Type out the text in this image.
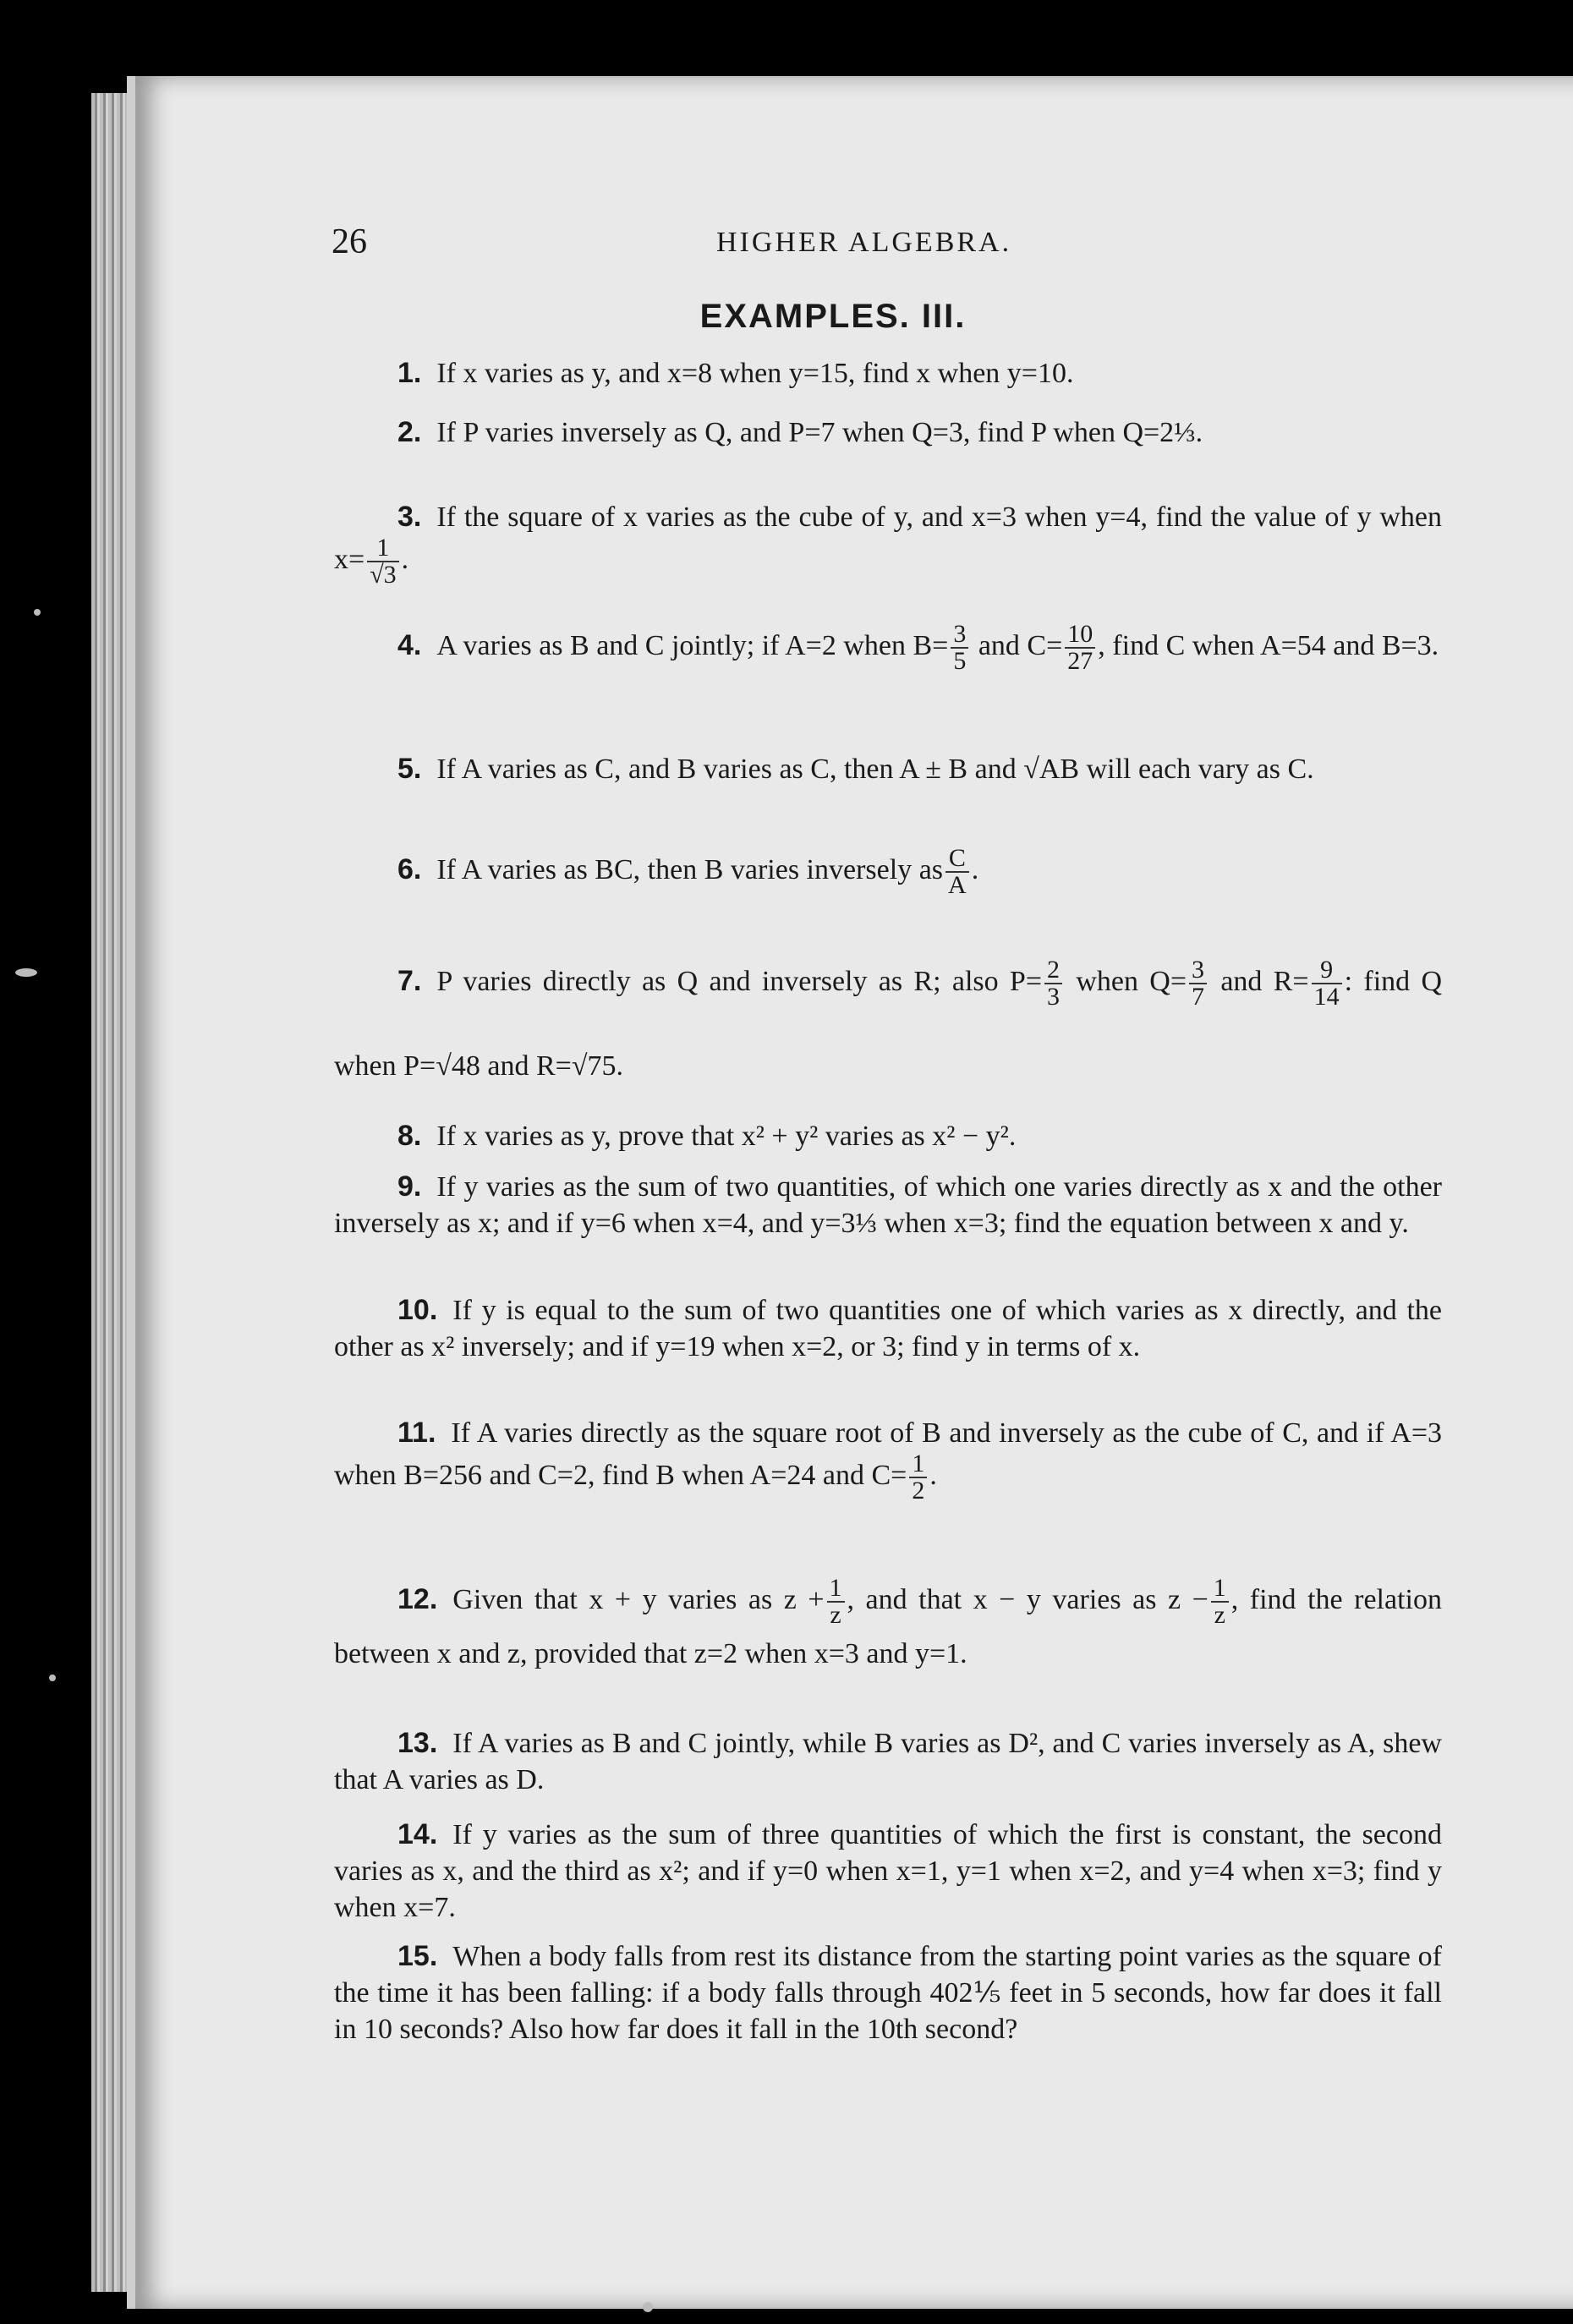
26	HIGHER ALGEBRA.
EXAMPLES. III.
1. If x varies as y, and x=8 when y=15, find x when y=10.
2. If P varies inversely as Q, and P=7 when Q=3, find P when Q=2⅓.
3. If the square of x varies as the cube of y, and x=3 when y=4, find the value of y when $x= \frac{1}{√3}$ .
4. A varies as B and C jointly; if A=2 when $B= \frac{3}{5}$ and $C= \frac{10}{27}$ , find C when A=54 and B=3.
5. If A varies as C, and B varies as C, then A ± B and √AB will each vary as C.
6. If A varies as BC, then B varies inversely as $\frac{C}{A}$ .
7. P varies directly as Q and inversely as R; also $P= \frac{2}{3}$ when $Q= \frac{3}{7}$ and $R= \frac{9}{14}$ : find Q when P=√48 and R=√75.
8. If x varies as y, prove that x² + y² varies as x² − y².
9. If y varies as the sum of two quantities, of which one varies directly as x and the other inversely as x; and if y=6 when x=4, and y=3⅓ when x=3; find the equation between x and y.
10. If y is equal to the sum of two quantities one of which varies as x directly, and the other as x² inversely; and if y=19 when x=2, or 3; find y in terms of x.
11. If A varies directly as the square root of B and inversely as the cube of C, and if A=3 when B=256 and C=2, find B when A=24 and $C= \frac{1}{2}$ .
12. Given that x + y varies as $z + \frac{1}{z}$ , and that x − y varies as $z - \frac{1}{z}$ , find the relation between x and z, provided that z=2 when x=3 and y=1.
13. If A varies as B and C jointly, while B varies as D², and C varies inversely as A, shew that A varies as D.
14. If y varies as the sum of three quantities of which the first is constant, the second varies as x, and the third as x²; and if y=0 when x=1, y=1 when x=2, and y=4 when x=3; find y when x=7.
15. When a body falls from rest its distance from the starting point varies as the square of the time it has been falling: if a body falls through 402⅕ feet in 5 seconds, how far does it fall in 10 seconds? Also how far does it fall in the 10th second?
